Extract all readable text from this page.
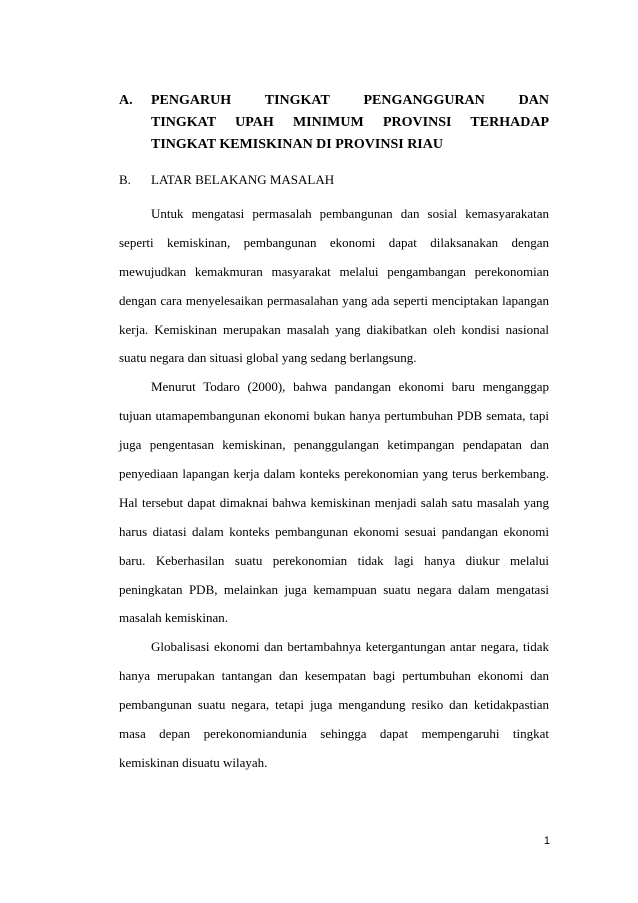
A.	PENGARUH TINGKAT PENGANGGURAN DAN
TINGKAT UPAH MINIMUM PROVINSI TERHADAP
TINGKAT KEMISKINAN DI PROVINSI RIAU
B.	LATAR BELAKANG MASALAH
Untuk mengatasi permasalah pembangunan dan sosial kemasyarakatan
seperti kemiskinan, pembangunan ekonomi dapat dilaksanakan dengan
mewujudkan kemakmuran masyarakat melalui pengambangan perekonomian
dengan cara menyelesaikan permasalahan yang ada seperti menciptakan lapangan
kerja. Kemiskinan merupakan masalah yang diakibatkan oleh kondisi nasional
suatu negara dan situasi global yang sedang berlangsung.
Menurut Todaro (2000), bahwa pandangan ekonomi baru menganggap
tujuan utamapembangunan ekonomi bukan hanya pertumbuhan PDB semata, tapi
juga pengentasan kemiskinan, penanggulangan ketimpangan pendapatan dan
penyediaan lapangan kerja dalam konteks perekonomian yang terus berkembang.
Hal tersebut dapat dimaknai bahwa kemiskinan menjadi salah satu masalah yang
harus diatasi dalam konteks pembangunan ekonomi sesuai pandangan ekonomi
baru. Keberhasilan suatu perekonomian tidak lagi hanya diukur melalui
peningkatan PDB, melainkan juga kemampuan suatu negara dalam mengatasi
masalah kemiskinan.
Globalisasi ekonomi dan bertambahnya ketergantungan antar negara, tidak
hanya merupakan tantangan dan kesempatan bagi pertumbuhan ekonomi dan
pembangunan suatu negara, tetapi juga mengandung resiko dan ketidakpastian
masa depan perekonomiandunia sehingga dapat mempengaruhi tingkat
kemiskinan disuatu wilayah.
1
